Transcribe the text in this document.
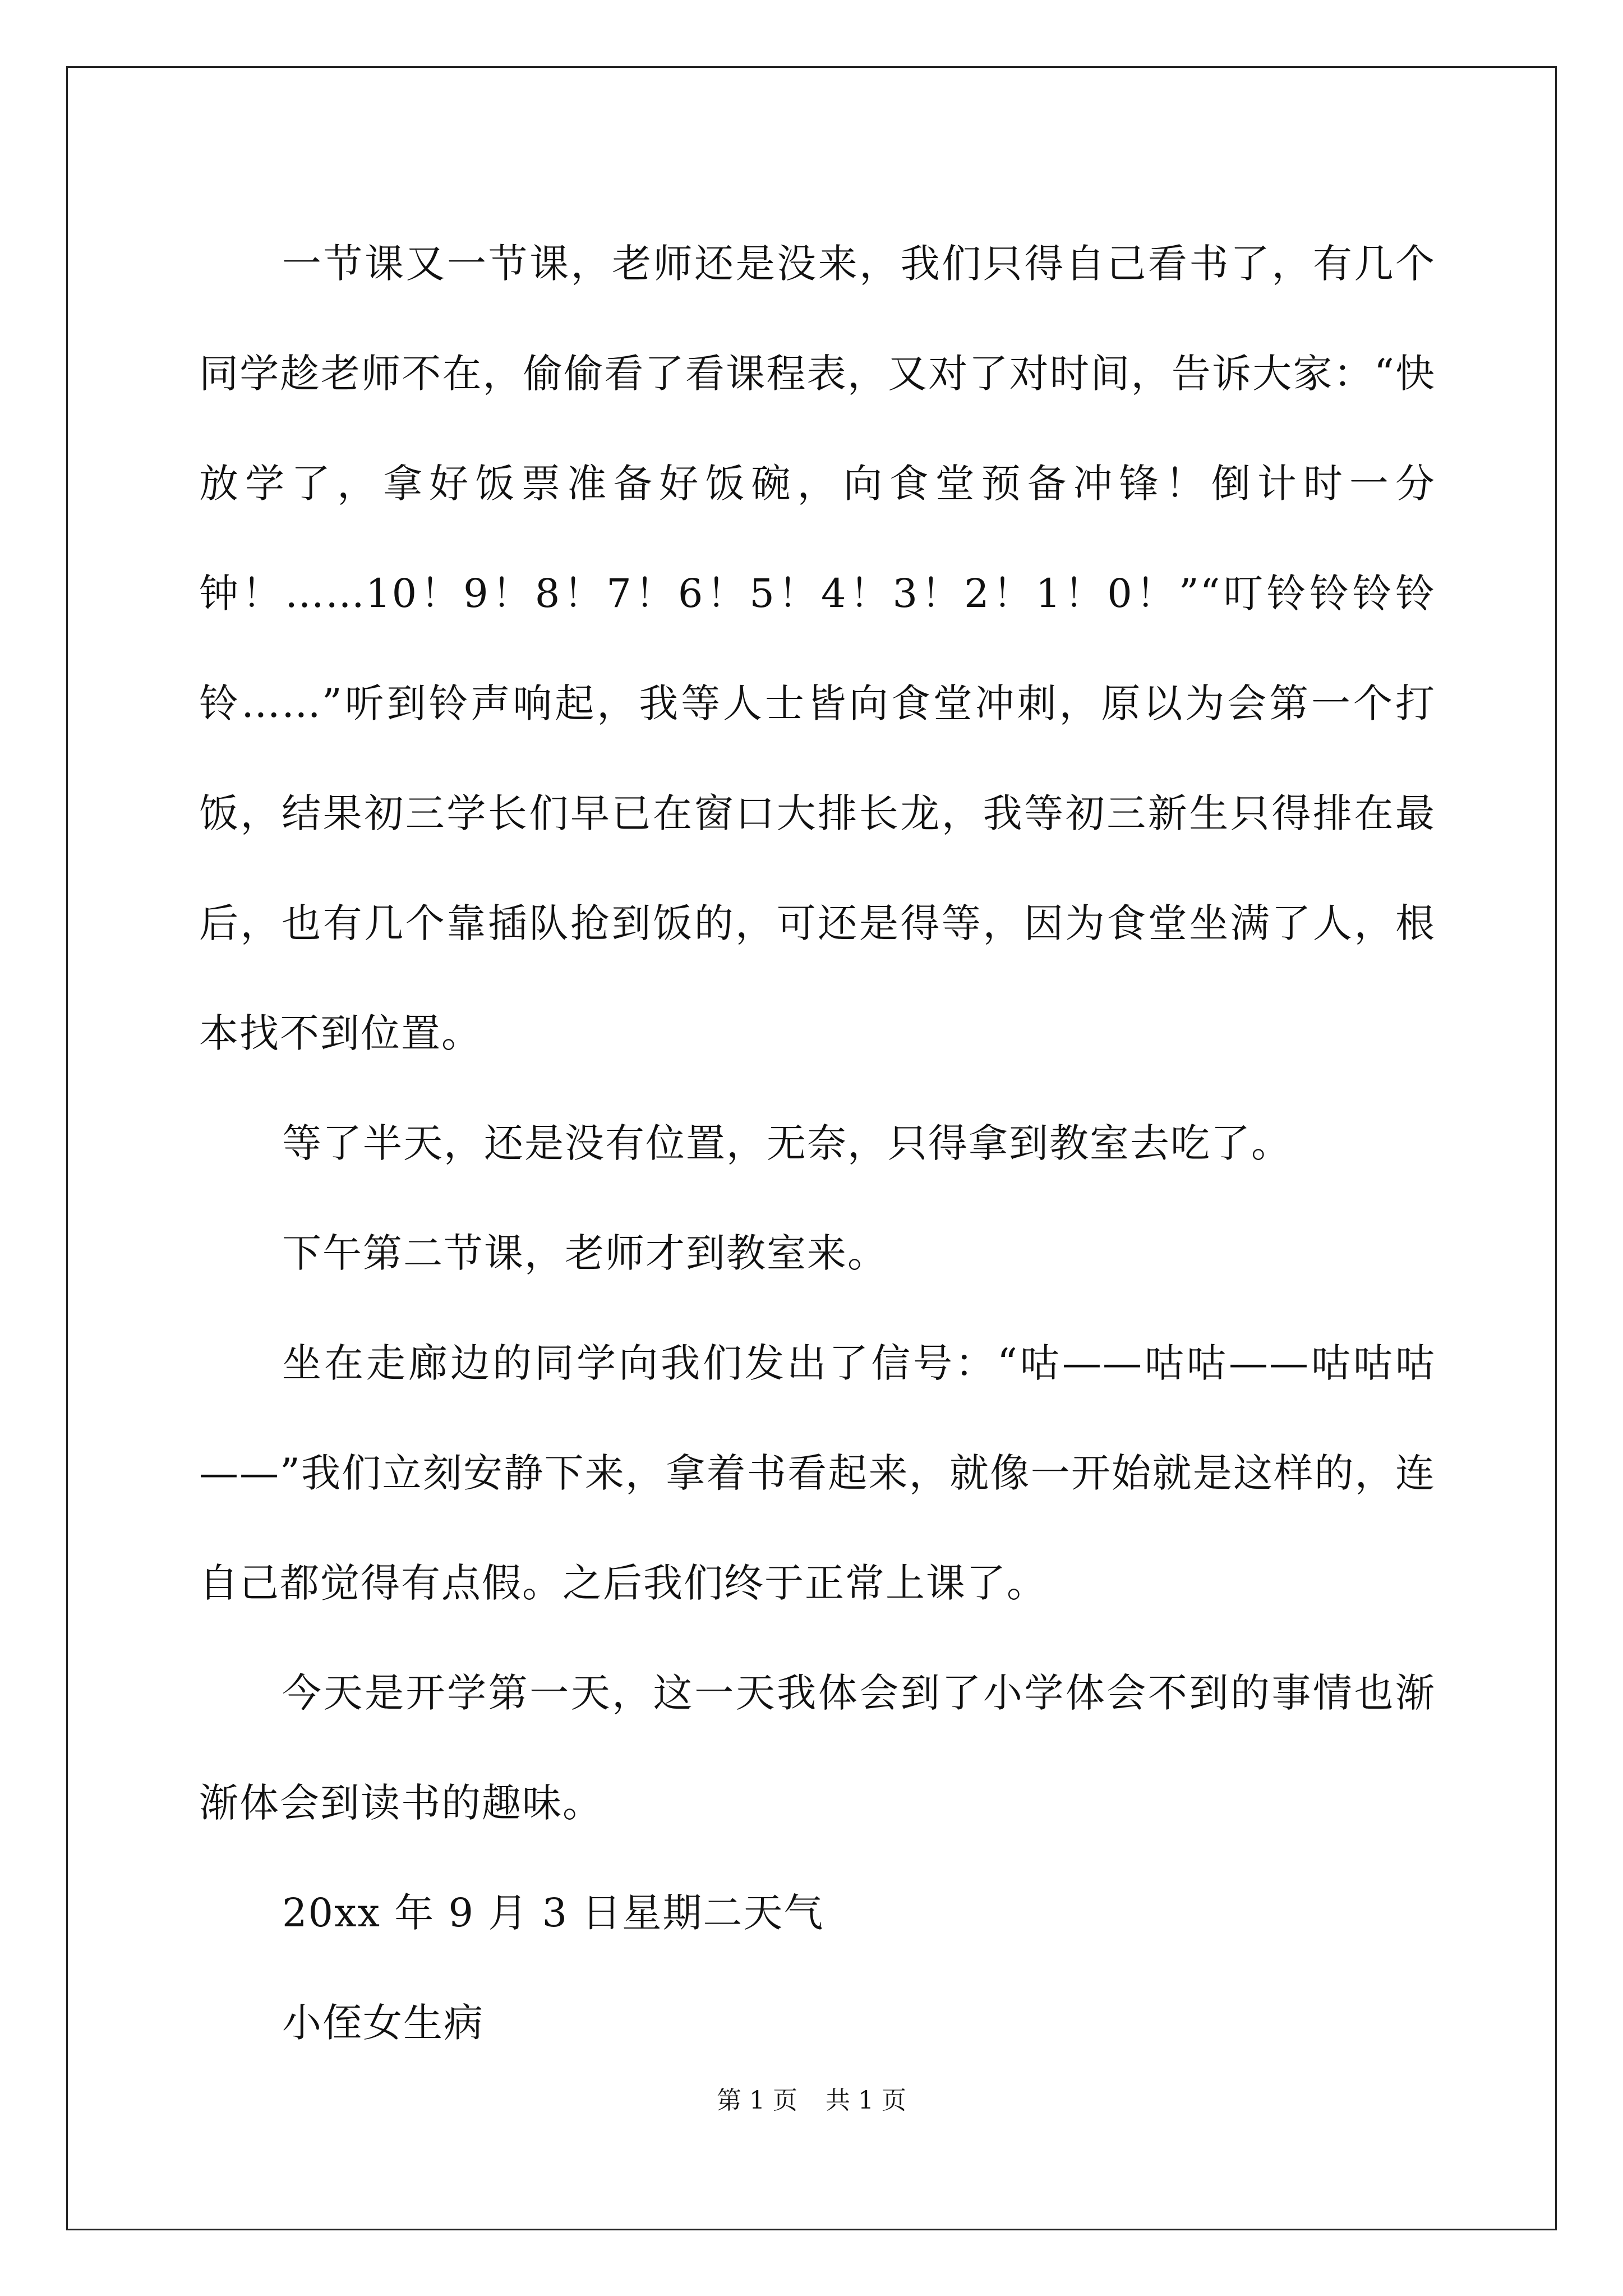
一节课又一节课，老师还是没来，我们只得自己看书了，有几个同学趁老师不在，偷偷看了看课程表，又对了对时间，告诉大家：“快放学了，拿好饭票准备好饭碗，向食堂预备冲锋！倒计时一分钟！……10！9！8！7！6！5！4！3！2！1！0！”“叮铃铃铃铃铃……”听到铃声响起，我等人士皆向食堂冲刺，原以为会第一个打饭，结果初三学长们早已在窗口大排长龙，我等初三新生只得排在最后，也有几个靠插队抢到饭的，可还是得等，因为食堂坐满了人，根本找不到位置。

等了半天，还是没有位置，无奈，只得拿到教室去吃了。

下午第二节课，老师才到教室来。

坐在走廊边的同学向我们发出了信号：“咕——咕咕——咕咕咕——”我们立刻安静下来，拿着书看起来，就像一开始就是这样的，连自己都觉得有点假。之后我们终于正常上课了。

今天是开学第一天，这一天我体会到了小学体会不到的事情也渐渐体会到读书的趣味。

20xx 年 9 月 3 日星期二天气

小侄女生病

第 1 页 共 1 页
